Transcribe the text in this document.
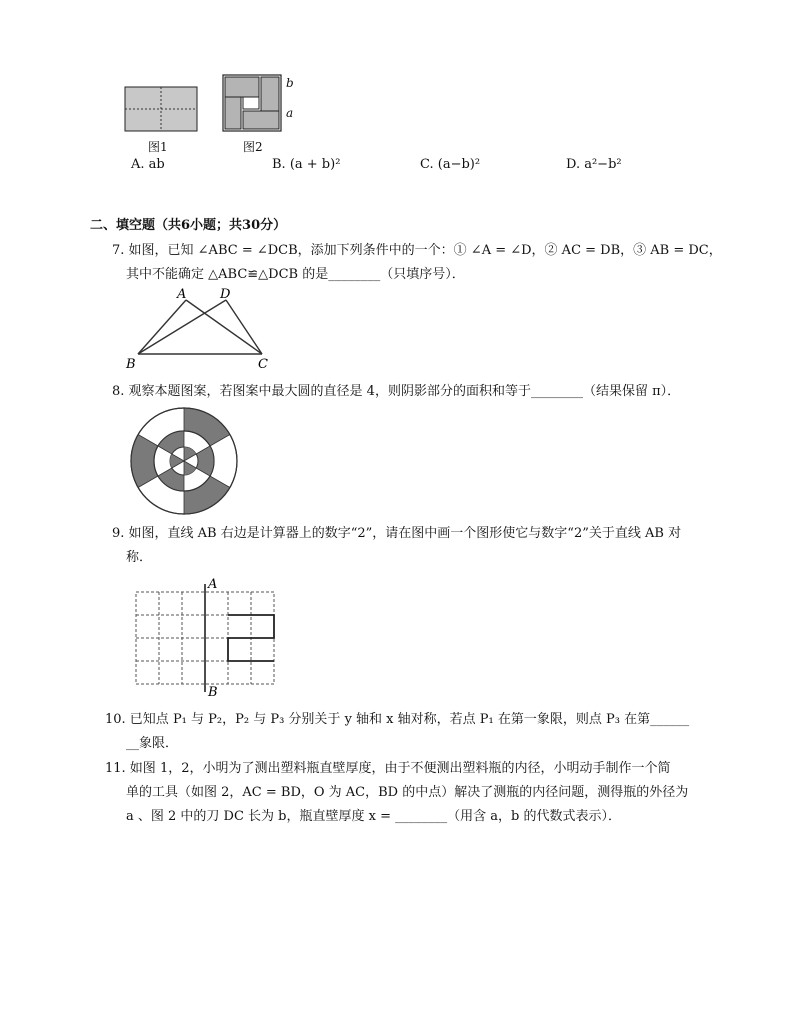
图1
b
a
图2
A. ab	B. (a + b)²	C. (a−b)²	D. a²−b²
二、填空题（共6小题；共30分）
7. 如图，已知 ∠ABC = ∠DCB，添加下列条件中的一个：① ∠A = ∠D，② AC = DB，③ AB = DC，
其中不能确定 △ABC≌△DCB 的是________（只填序号）．
A	D
B	C
8. 观察本题图案，若图案中最大圆的直径是 4，则阴影部分的面积和等于________（结果保留 π）．
9. 如图，直线 AB 右边是计算器上的数字“2”，请在图中画一个图形使它与数字“2”关于直线 AB 对
称．
A
B
10. 已知点 P₁ 与 P₂，P₂ 与 P₃ 分别关于 y 轴和 x 轴对称，若点 P₁ 在第一象限，则点 P₃ 在第______
__象限．
11. 如图 1，2，小明为了测出塑料瓶直壁厚度，由于不便测出塑料瓶的内径，小明动手制作一个简
单的工具（如图 2，AC = BD，O 为 AC，BD 的中点）解决了测瓶的内径问题，测得瓶的外径为
a 、图 2 中的刀 DC 长为 b，瓶直壁厚度 x = ________（用含 a，b 的代数式表示）．
